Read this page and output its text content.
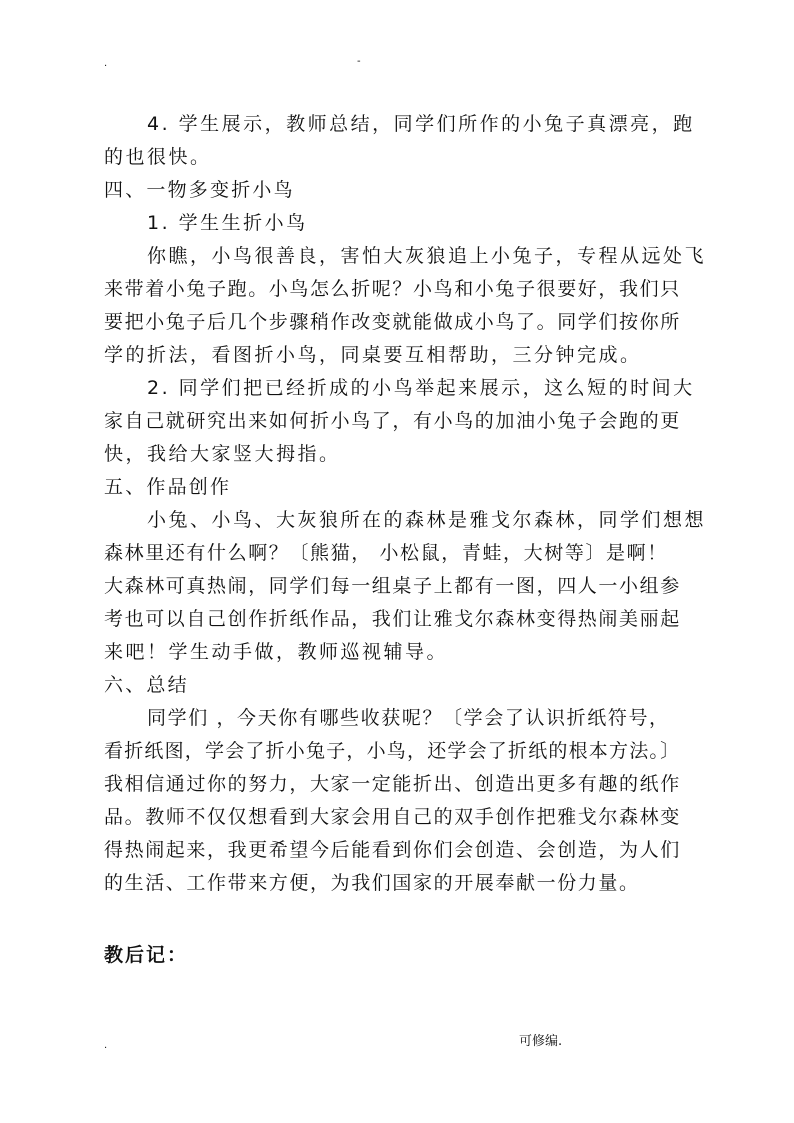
.	-
4. 学生展示，教师总结，同学们所作的小兔子真漂亮，跑
的也很快。
四、一物多变折小鸟
1. 学生生折小鸟
你瞧，小鸟很善良，害怕大灰狼追上小兔子，专程从远处飞
来带着小兔子跑。小鸟怎么折呢？小鸟和小兔子很要好，我们只
要把小兔子后几个步骤稍作改变就能做成小鸟了。同学们按你所
学的折法，看图折小鸟，同桌要互相帮助，三分钟完成。
2. 同学们把已经折成的小鸟举起来展示，这么短的时间大
家自己就研究出来如何折小鸟了，有小鸟的加油小兔子会跑的更
快，我给大家竖大拇指。
五、作品创作
小兔、小鸟、大灰狼所在的森林是雅戈尔森林，同学们想想
森林里还有什么啊？〔熊猫， 小松鼠，青蛙，大树等〕是啊！
大森林可真热闹，同学们每一组桌子上都有一图，四人一小组参
考也可以自己创作折纸作品，我们让雅戈尔森林变得热闹美丽起
来吧！学生动手做，教师巡视辅导。
六、总结
同学们 ，今天你有哪些收获呢？〔学会了认识折纸符号，
看折纸图，学会了折小兔子，小鸟，还学会了折纸的根本方法。〕
我相信通过你的努力，大家一定能折出、创造出更多有趣的纸作
品。教师不仅仅想看到大家会用自己的双手创作把雅戈尔森林变
得热闹起来，我更希望今后能看到你们会创造、会创造，为人们
的生活、工作带来方便，为我们国家的开展奉献一份力量。
教后记：
.	可修编.
